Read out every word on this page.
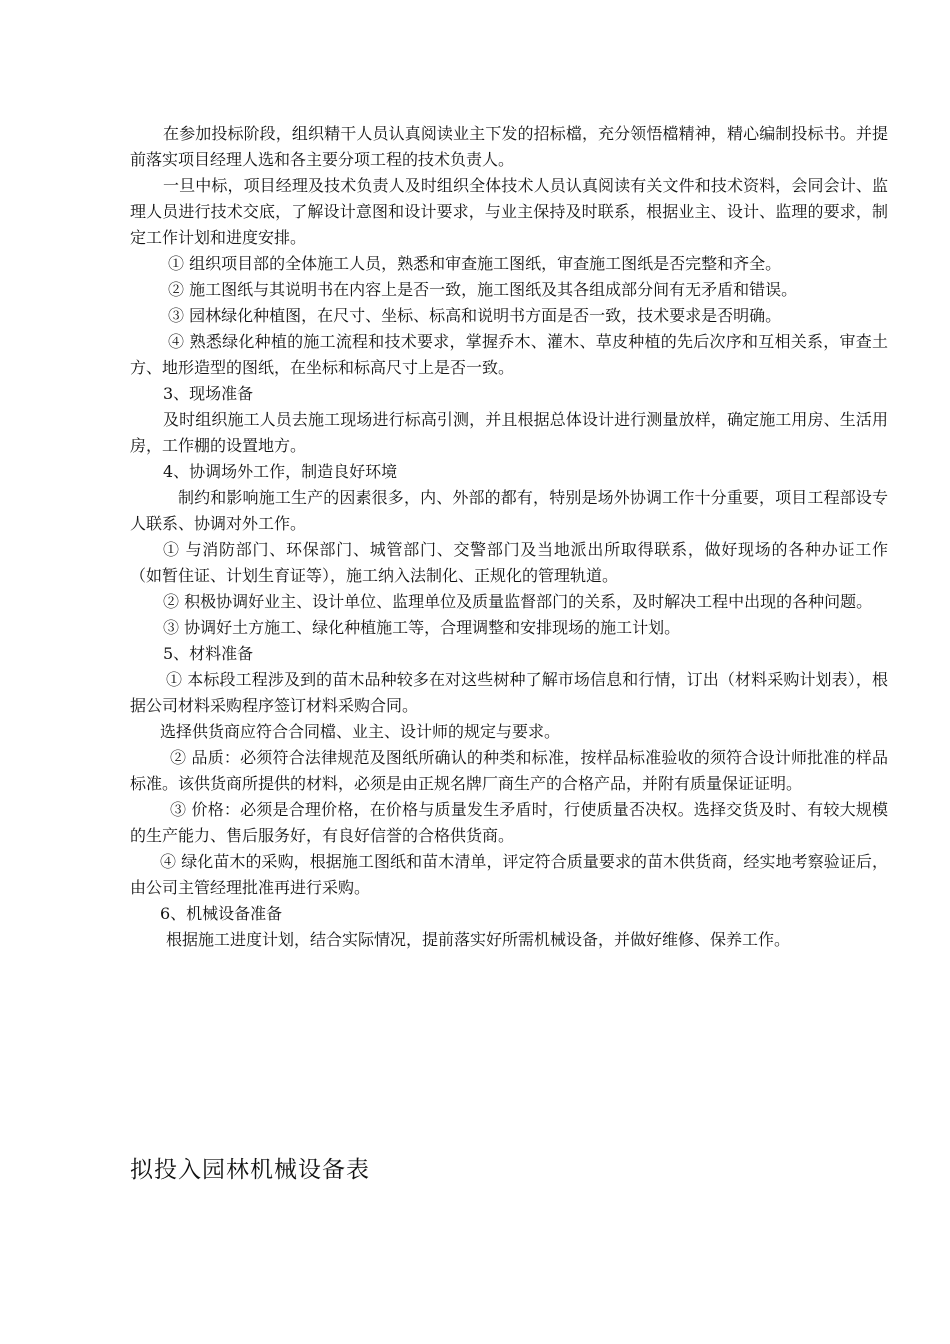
在参加投标阶段，组织精干人员认真阅读业主下发的招标檔，充分领悟檔精神，精心编制投标书。并提前落实项目经理人选和各主要分项工程的技术负责人。

一旦中标，项目经理及技术负责人及时组织全体技术人员认真阅读有关文件和技术资料，会同会计、监理人员进行技术交底，了解设计意图和设计要求，与业主保持及时联系，根据业主、设计、监理的要求，制定工作计划和进度安排。

① 组织项目部的全体施工人员，熟悉和审查施工图纸，审查施工图纸是否完整和齐全。

② 施工图纸与其说明书在内容上是否一致，施工图纸及其各组成部分间有无矛盾和错误。

③ 园林绿化种植图，在尺寸、坐标、标高和说明书方面是否一致，技术要求是否明确。

④ 熟悉绿化种植的施工流程和技术要求，掌握乔木、灌木、草皮种植的先后次序和互相关系，审查土方、地形造型的图纸，在坐标和标高尺寸上是否一致。

3、现场准备

及时组织施工人员去施工现场进行标高引测，并且根据总体设计进行测量放样，确定施工用房、生活用房，工作棚的设置地方。

4、协调场外工作，制造良好环境

制约和影响施工生产的因素很多，内、外部的都有，特别是场外协调工作十分重要，项目工程部设专人联系、协调对外工作。

① 与消防部门、环保部门、城管部门、交警部门及当地派出所取得联系，做好现场的各种办证工作（如暂住证、计划生育证等），施工纳入法制化、正规化的管理轨道。

② 积极协调好业主、设计单位、监理单位及质量监督部门的关系，及时解决工程中出现的各种问题。

③ 协调好土方施工、绿化种植施工等，合理调整和安排现场的施工计划。

5、材料准备

① 本标段工程涉及到的苗木品种较多在对这些树种了解市场信息和行情，订出（材料采购计划表），根据公司材料采购程序签订材料采购合同。

选择供货商应符合合同檔、业主、设计师的规定与要求。

② 品质：必须符合法律规范及图纸所确认的种类和标准，按样品标准验收的须符合设计师批准的样品标准。该供货商所提供的材料，必须是由正规名牌厂商生产的合格产品，并附有质量保证证明。

③ 价格：必须是合理价格，在价格与质量发生矛盾时，行使质量否决权。选择交货及时、有较大规模的生产能力、售后服务好，有良好信誉的合格供货商。

④ 绿化苗木的采购，根据施工图纸和苗木清单，评定符合质量要求的苗木供货商，经实地考察验证后，由公司主管经理批准再进行采购。

6、机械设备准备

根据施工进度计划，结合实际情况，提前落实好所需机械设备，并做好维修、保养工作。

拟投入园林机械设备表
